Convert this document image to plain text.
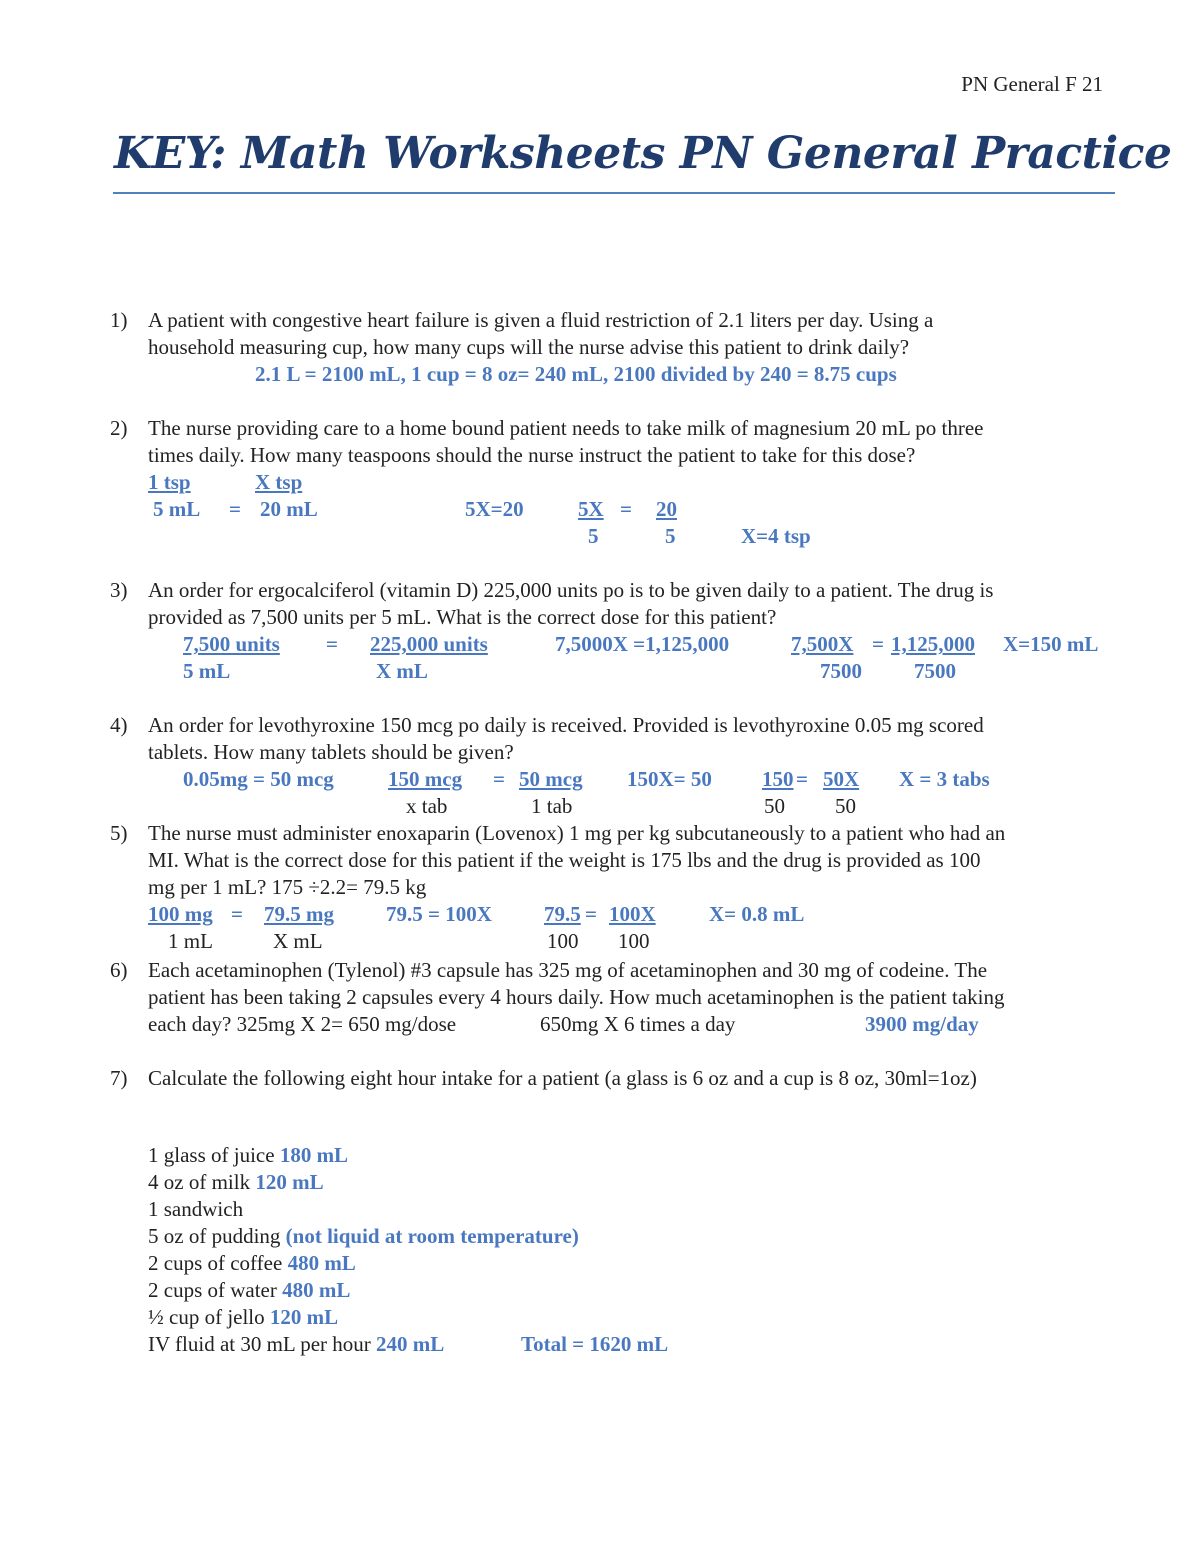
PN General F 21
KEY: Math Worksheets PN General Practice
1) A patient with congestive heart failure is given a fluid restriction of 2.1 liters per day. Using a
household measuring cup, how many cups will the nurse advise this patient to drink daily?
2.1 L = 2100 mL, 1 cup = 8 oz= 240 mL, 2100 divided by 240 = 8.75 cups
2) The nurse providing care to a home bound patient needs to take milk of magnesium 20 mL po three
times daily. How many teaspoons should the nurse instruct the patient to take for this dose?
1 tsp	X tsp
5 mL = 20 mL	5X=20	5X = 20
5	5	X=4 tsp
3) An order for ergocalciferol (vitamin D) 225,000 units po is to be given daily to a patient. The drug is
provided as 7,500 units per 5 mL. What is the correct dose for this patient?
7,500 units = 225,000 units	7,5000X =1,125,000	7,500X = 1,125,000 X=150 mL
5 mL	X mL	7500 7500
4) An order for levothyroxine 150 mcg po daily is received. Provided is levothyroxine 0.05 mg scored
tablets. How many tablets should be given?
0.05mg = 50 mcg	150 mcg = 50 mcg 150X= 50 150 = 50X X = 3 tabs
x tab	1 tab	50 50
5) The nurse must administer enoxaparin (Lovenox) 1 mg per kg subcutaneously to a patient who had an
MI. What is the correct dose for this patient if the weight is 175 lbs and the drug is provided as 100
mg per 1 mL? 175 ÷2.2= 79.5 kg
100 mg = 79.5 mg 79.5 = 100X 79.5 = 100X	X= 0.8 mL
1 mL	X mL	100 100
6) Each acetaminophen (Tylenol) #3 capsule has 325 mg of acetaminophen and 30 mg of codeine. The
patient has been taking 2 capsules every 4 hours daily. How much acetaminophen is the patient taking
each day? 325mg X 2= 650 mg/dose	650mg X 6 times a day	3900 mg/day
7) Calculate the following eight hour intake for a patient (a glass is 6 oz and a cup is 8 oz, 30ml=1oz)
1 glass of juice 180 mL
4 oz of milk 120 mL
1 sandwich
5 oz of pudding (not liquid at room temperature)
2 cups of coffee 480 mL
2 cups of water 480 mL
½ cup of jello 120 mL
IV fluid at 30 mL per hour 240 mL	Total = 1620 mL
